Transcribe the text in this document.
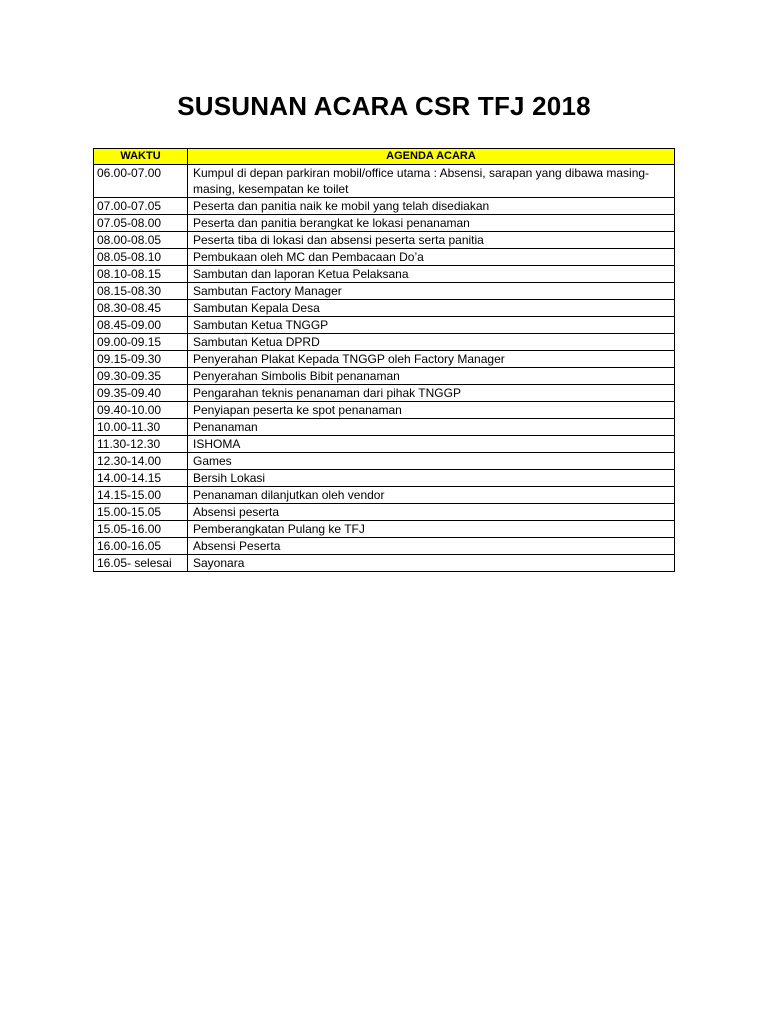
SUSUNAN ACARA CSR TFJ 2018
WAKTU	AGENDA ACARA
06.00-07.00	Kumpul di depan parkiran mobil/office utama : Absensi, sarapan yang dibawa masing-masing, kesempatan ke toilet
07.00-07.05	Peserta dan panitia naik ke mobil yang telah disediakan
07.05-08.00	Peserta dan panitia berangkat ke lokasi penanaman
08.00-08.05	Peserta tiba di lokasi dan absensi peserta serta panitia
08.05-08.10	Pembukaan oleh MC dan Pembacaan Do’a
08.10-08.15	Sambutan dan laporan Ketua Pelaksana
08.15-08.30	Sambutan Factory Manager
08.30-08.45	Sambutan Kepala Desa
08.45-09.00	Sambutan Ketua TNGGP
09.00-09.15	Sambutan Ketua DPRD
09.15-09.30	Penyerahan Plakat Kepada TNGGP oleh Factory Manager
09.30-09.35	Penyerahan Simbolis Bibit penanaman
09.35-09.40	Pengarahan teknis penanaman dari pihak TNGGP
09.40-10.00	Penyiapan peserta ke spot penanaman
10.00-11.30	Penanaman
11.30-12.30	ISHOMA
12.30-14.00	Games
14.00-14.15	Bersih Lokasi
14.15-15.00	Penanaman dilanjutkan oleh vendor
15.00-15.05	Absensi peserta
15.05-16.00	Pemberangkatan Pulang ke TFJ
16.00-16.05	Absensi Peserta
16.05- selesai	Sayonara
